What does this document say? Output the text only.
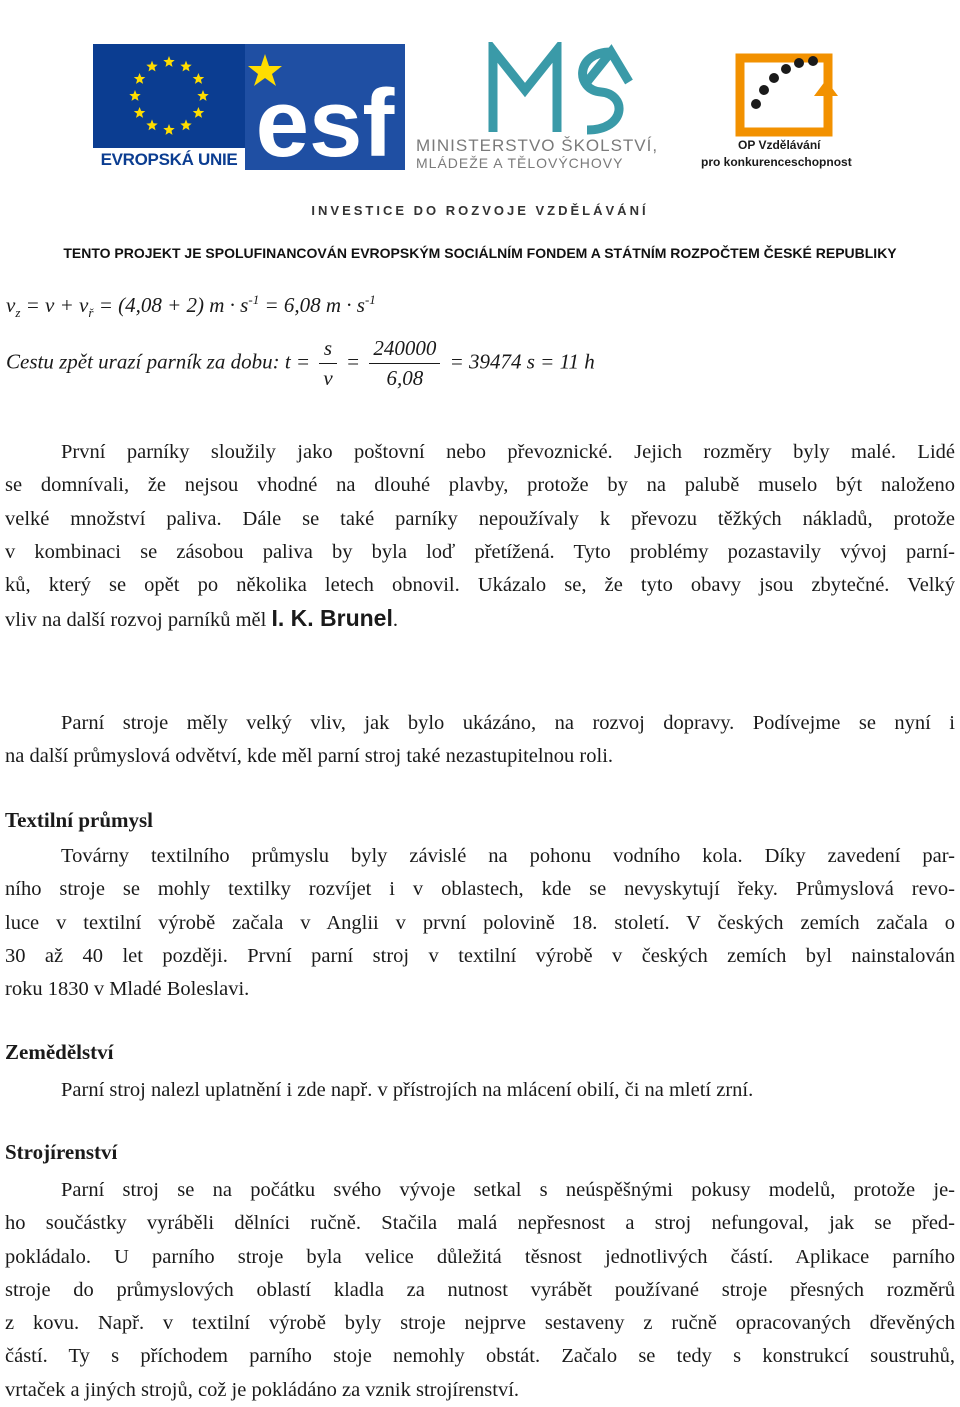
EVROPSKÁ UNIE esf MINISTERSTVO ŠKOLSTVÍ,
MLÁDEŽE A TĚLOVÝCHOVY
2007-13
OP Vzdělávání
pro konkurenceschopnost
INVESTICE DO ROZVOJE VZDĚLÁVÁNÍ
TENTO PROJEKT JE SPOLUFINANCOVÁN EVROPSKÝM SOCIÁLNÍM FONDEM A STÁTNÍM ROZPOČTEM ČESKÉ REPUBLIKY
$v_z = v + v_ř = (4,08 + 2) m \cdot s^{-1} = 6,08$ $m \cdot s^{-1}$
Cestu zpět urazí parník za dobu: $t = \frac{s}{v} = \frac{240000}{6,08} = 39474$ s = 11 h
První parníky sloužily jako poštovní nebo převoznické. Jejich rozměry byly malé. Lidé
se domnívali, že nejsou vhodné na dlouhé plavby, protože by na palubě muselo být naloženo
velké množství paliva. Dále se také parníky nepoužívaly k převozu těžkých nákladů, protože
v kombinaci se zásobou paliva by byla loď přetížená. Tyto problémy pozastavily vývoj parní-
ků, který se opět po několika letech obnovil. Ukázalo se, že tyto obavy jsou zbytečné. Velký
vliv na další rozvoj parníků měl I. K. Brunel.
Parní stroje měly velký vliv, jak bylo ukázáno, na rozvoj dopravy. Podívejme se nyní i
na další průmyslová odvětví, kde měl parní stroj také nezastupitelnou roli.
Textilní průmysl
Továrny textilního průmyslu byly závislé na pohonu vodního kola. Díky zavedení par-
ního stroje se mohly textilky rozvíjet i v oblastech, kde se nevyskytují řeky. Průmyslová revo-
luce v textilní výrobě začala v Anglii v první polovině 18. století. V českých zemích začala o
30 až 40 let později. První parní stroj v textilní výrobě v českých zemích byl nainstalován
roku 1830 v Mladé Boleslavi.
Zemědělství
Parní stroj nalezl uplatnění i zde např. v přístrojích na mlácení obilí, či na mletí zrní.
Strojírenství
Parní stroj se na počátku svého vývoje setkal s neúspěšnými pokusy modelů, protože je-
ho součástky vyráběli dělníci ručně. Stačila malá nepřesnost a stroj nefungoval, jak se před-
pokládalo. U parního stroje byla velice důležitá těsnost jednotlivých částí. Aplikace parního
stroje do průmyslových oblastí kladla za nutnost vyrábět používané stroje přesných rozměrů
z kovu. Např. v textilní výrobě byly stroje nejprve sestaveny z ručně opracovaných dřevěných
částí. Ty s příchodem parního stoje nemohly obstát. Začalo se tedy s konstrukcí soustruhů,
vrtaček a jiných strojů, což je pokládáno za vznik strojírenství.
